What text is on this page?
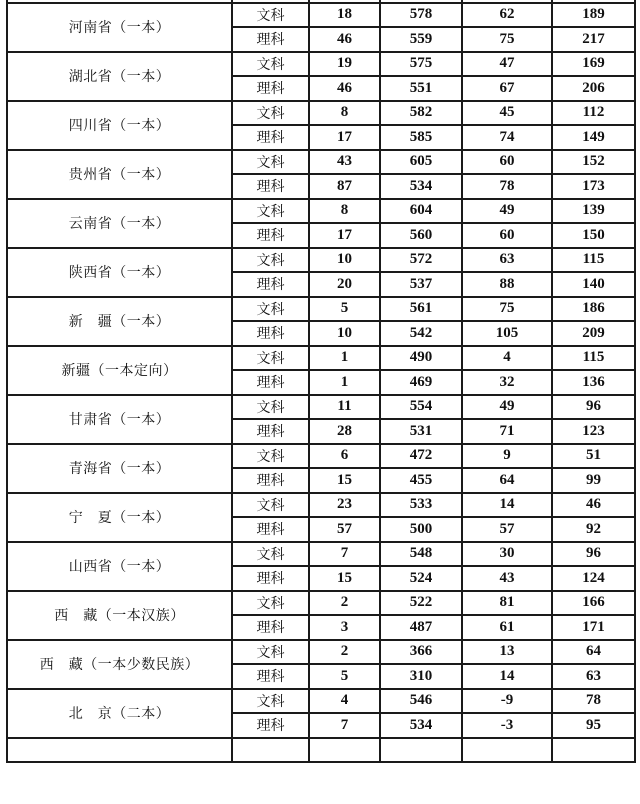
河南省（一本）	文科	18	578	62	189
	理科	46	559	75	217
湖北省（一本）	文科	19	575	47	169
	理科	46	551	67	206
四川省（一本）	文科	8	582	45	112
	理科	17	585	74	149
贵州省（一本）	文科	43	605	60	152
	理科	87	534	78	173
云南省（一本）	文科	8	604	49	139
	理科	17	560	60	150
陕西省（一本）	文科	10	572	63	115
	理科	20	537	88	140
新　疆（一本）	文科	5	561	75	186
	理科	10	542	105	209
新疆（一本定向）	文科	1	490	4	115
	理科	1	469	32	136
甘肃省（一本）	文科	11	554	49	96
	理科	28	531	71	123
青海省（一本）	文科	6	472	9	51
	理科	15	455	64	99
宁　夏（一本）	文科	23	533	14	46
	理科	57	500	57	92
山西省（一本）	文科	7	548	30	96
	理科	15	524	43	124
西　藏（一本汉族）	文科	2	522	81	166
	理科	3	487	61	171
西　藏（一本少数民族）	文科	2	366	13	64
	理科	5	310	14	63
北　京（二本）	文科	4	546	-9	78
	理科	7	534	-3	95
